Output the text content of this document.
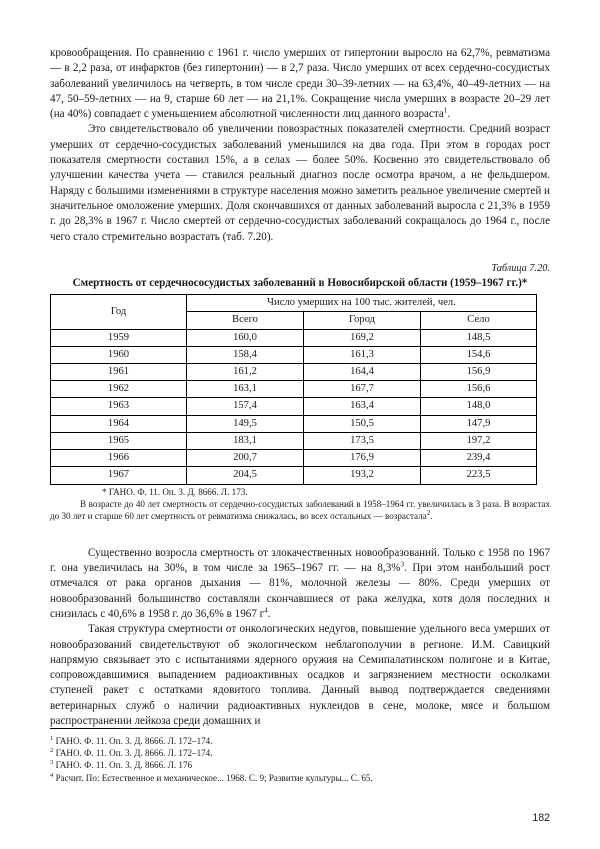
кровообращения. По сравнению с 1961 г. число умерших от гипертонии выросло на 62,7%, ревматизма — в 2,2 раза, от инфарктов (без гипертонии) — в 2,7 раза. Число умерших от всех сердечно-сосудистых заболеваний увеличилось на четверть, в том числе среди 30–39-летних — на 63,4%, 40–49-летних — на 47, 50–59-летних — на 9, старше 60 лет — на 21,1%. Сокращение числа умерших в возрасте 20–29 лет (на 40%) совпадает с уменьшением абсолютной численности лиц данного возраста$^1$.

Это свидетельствовало об увеличении повозрастных показателей смертности. Средний возраст умерших от сердечно-сосудистых заболеваний уменьшился на два года. При этом в городах рост показателя смертности составил 15%, а в селах — более 50%. Косвенно это свидетельствовало об улучшении качества учета — ставился реальный диагноз после осмотра врачом, а не фельдшером. Наряду с большими изменениями в структуре населения можно заметить реальное увеличение смертей и значительное омоложение умерших. Доля скончавшихся от данных заболеваний выросла с 21,3% в 1959 г. до 28,3% в 1967 г. Число смертей от сердечно-сосудистых заболеваний сокращалось до 1964 г., после чего стало стремительно возрастать (таб. 7.20).

Таблица 7.20.
Смертность от сердечнососудистых заболеваний в Новосибирской области (1959–1967 гг.)*
Год	Число умерших на 100 тыс. жителей, чел.		
	Всего	Город	Село
1959	160,0	169,2	148,5
1960	158,4	161,3	154,6
1961	161,2	164,4	156,9
1962	163,1	167,7	156,6
1963	157,4	163,4	148,0
1964	149,5	150,5	147,9
1965	183,1	173,5	197,2
1966	200,7	176,9	239,4
1967	204,5	193,2	223,5
* ГАНО. Ф. 11. Оп. 3. Д. 8666. Л. 173.

В возрасте до 40 лет смертность от сердечно-сосудистых заболеваний в 1958–1964 гг. увеличилась в 3 раза. В возрастах до 30 лет и старше 60 лет смертность от ревматизма снижалась, во всех остальных — возрастала$^2$.

Существенно возросла смертность от злокачественных новообразований. Только с 1958 по 1967 г. она увеличилась на 30%, в том числе за 1965–1967 гг. — на 8,3%$^3$. При этом наибольший рост отмечался от рака органов дыхания — 81%, молочной железы — 80%. Среди умерших от новообразований большинство составляли скончавшиеся от рака желудка, хотя доля последних и снизилась с 40,6% в 1958 г. до 36,6% в 1967 $г^4$.

Такая структура смертности от онкологических недугов, повышение удельного веса умерших от новообразований свидетельствуют об экологическом неблагополучии в регионе. И.М. Савицкий напрямую связывает это с испытаниями ядерного оружия на Семипалатинском полигоне и в Китае, сопровождавшимися выпадением радиоактивных осадков и загрязнением местности осколками ступеней ракет с остатками ядовитого топлива. Данный вывод подтверждается сведениями ветеринарных служб о наличии радиоактивных нуклеидов в сене, молоке, мясе и большом распространении лейкоза среди домашних и

$^1$ ГАНО. Ф. 11. Оп. 3. Д. 8666. Л. 172–174.

$^2$ ГАНО. Ф. 11. Оп. 3. Д. 8666. Л. 172–174.

$^3$ ГАНО. Ф. 11. Оп. 3. Д. 8666. Л. 176

$^4$ Расчит. По: Естественное и механическое... 1968. С. 9; Развитие культуры... С. 65.

182
